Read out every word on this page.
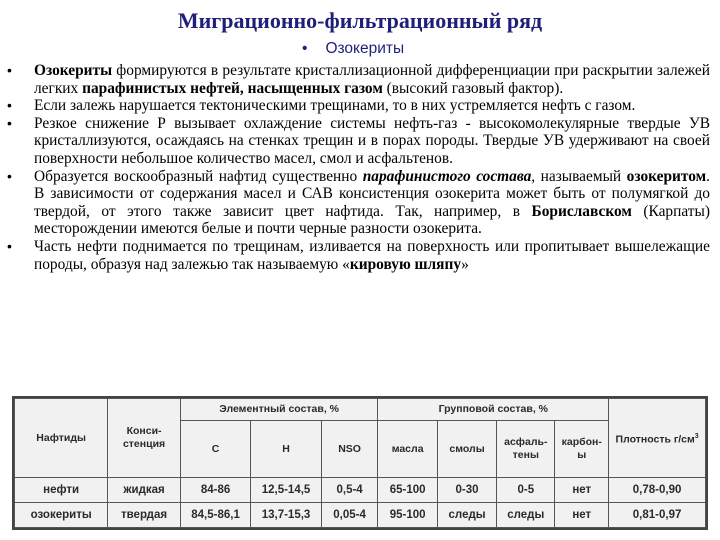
Миграционно-фильтрационный ряд
• Озокериты
• Озокериты формируются в результате кристаллизационной дифференциации при раскрытии залежей легких парафинистых нефтей, насыщенных газом (высокий газовый фактор).
• Если залежь нарушается тектоническими трещинами, то в них устремляется нефть с газом.
• Резкое снижение Р вызывает охлаждение системы нефть-газ - высокомолекулярные твердые УВ кристаллизуются, осаждаясь на стенках трещин и в порах породы. Твердые УВ удерживают на своей поверхности небольшое количество масел, смол и асфальтенов.
• Образуется воскообразный нафтид существенно парафинистого состава, называемый озокеритом. В зависимости от содержания масел и САВ консистенция озокерита может быть от полумягкой до твердой, от этого также зависит цвет нафтида. Так, например, в Бориславском (Карпаты) месторождении имеются белые и почти черные разности озокерита.
• Часть нефти поднимается по трещинам, изливается на поверхность или пропитывает вышележащие породы, образуя над залежью так называемую «кировую шляпу»
Нафтиды	Конси-стенция	Элементный состав, %			Групповой состав, %				Плотность $г/см^3$
		С	Н	NSO	масла	смолы	асфаль-тены	карбон-ы	
нефти	жидкая	84-86	12,5-14,5	0,5-4	65-100	0-30	0-5	нет	0,78-0,90
озокериты	твердая	84,5-86,1	13,7-15,3	0,05-4	95-100	следы	следы	нет	0,81-0,97
